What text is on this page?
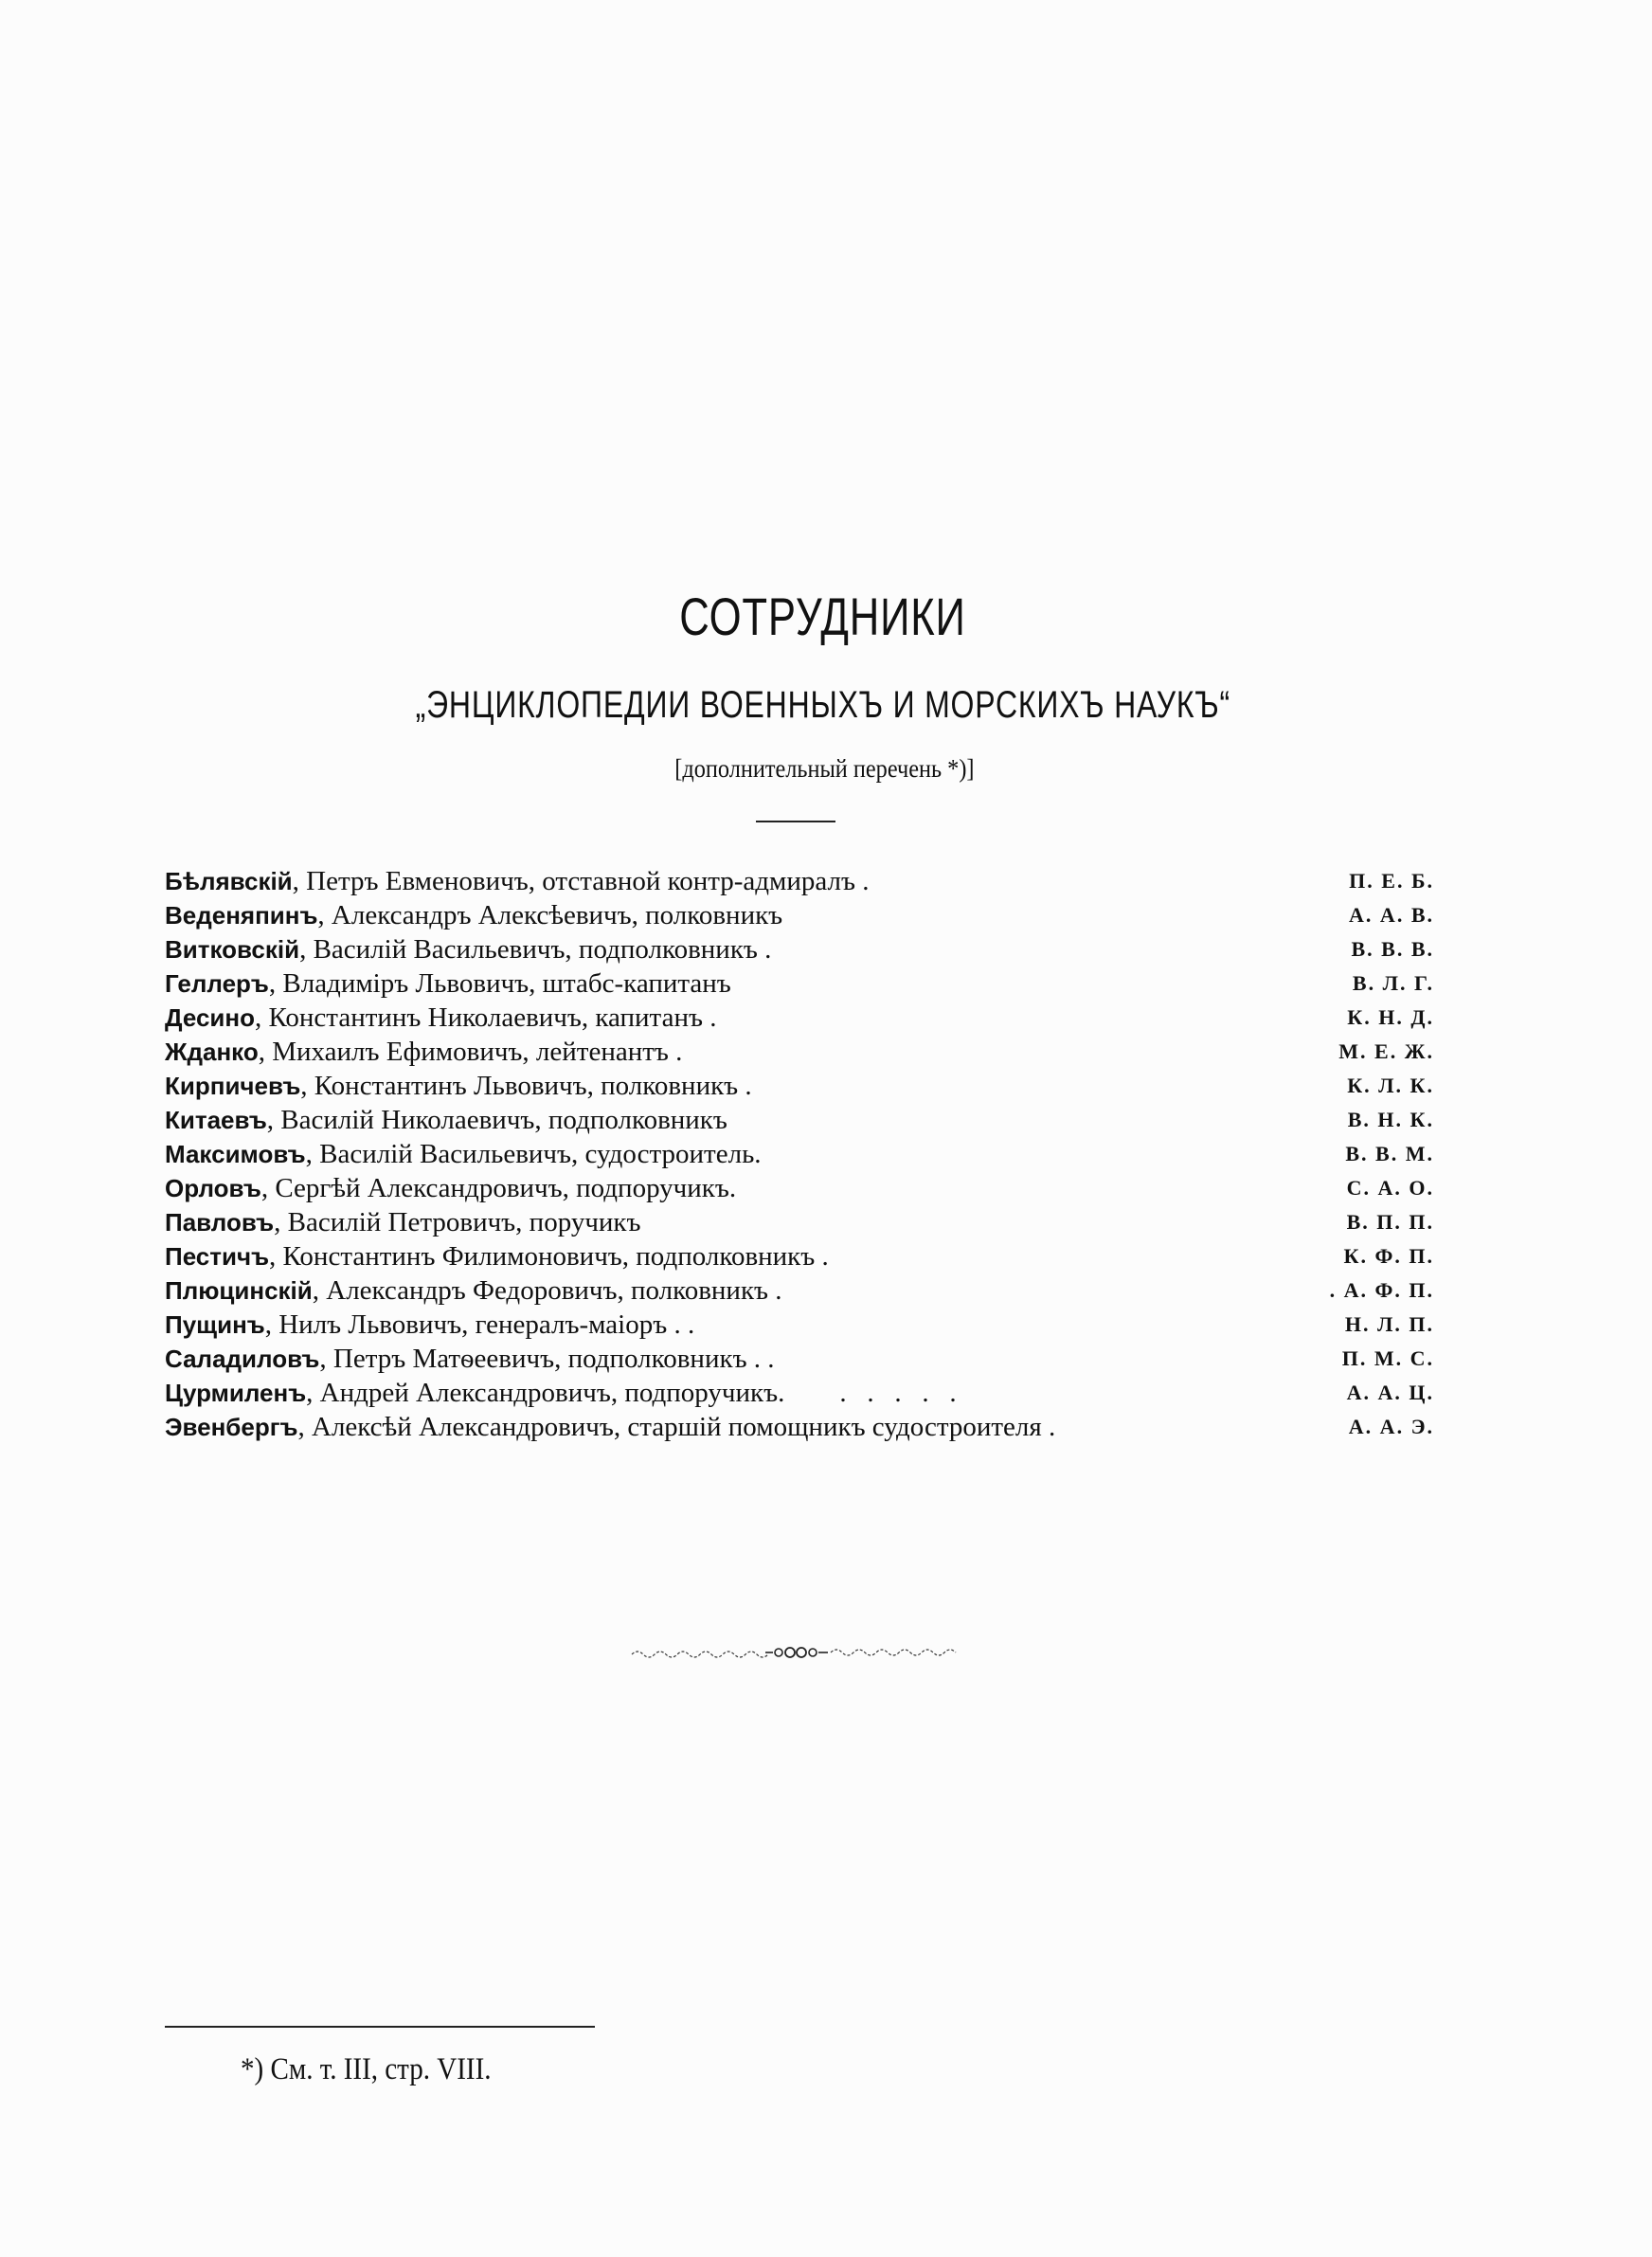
СОТРУДНИКИ
„ЭНЦИКЛОПЕДИИ ВОЕННЫХЪ И МОРСКИХЪ НАУКЪ“
[дополнительный перечень *)]
Бѣлявскій, Петръ Евменовичъ, отставной контр-адмиралъ .	П. Е. Б.
Веденяпинъ, Александръ Алексѣевичъ, полковникъ	А. А. В.
Витковскій, Василій Васильевичъ, подполковникъ .	В. В. В.
Геллеръ, Владиміръ Львовичъ, штабс-капитанъ	В. Л. Г.
Десино, Константинъ Николаевичъ, капитанъ .	К. Н. Д.
Жданко, Михаилъ Ефимовичъ, лейтенантъ .	М. Е. Ж.
Кирпичевъ, Константинъ Львовичъ, полковникъ .	К. Л. К.
Китаевъ, Василій Николаевичъ, подполковникъ	В. Н. К.
Максимовъ, Василій Васильевичъ, судостроитель.	В. В. М.
Орловъ, Сергѣй Александровичъ, подпоручикъ.	С. А. О.
Павловъ, Василій Петровичъ, поручикъ	В. П. П.
Пестичъ, Константинъ Филимоновичъ, подполковникъ .	К. Ф. П.
Плюцинскій, Александръ Федоровичъ, полковникъ .	. А. Ф. П.
Пущинъ, Нилъ Львовичъ, генералъ-маіоръ . .	Н. Л. П.
Саладиловъ, Петръ Матѳеевичъ, подполковникъ . .	П. М. С.
Цурмиленъ, Андрей Александровичъ, подпоручикъ.        .   .   .   .   .	А. А. Ц.
Эвенбергъ, Алексѣй Александровичъ, старшій помощникъ судостроителя .	А. А. Э.
*) См. т. III, стр. VIII.
